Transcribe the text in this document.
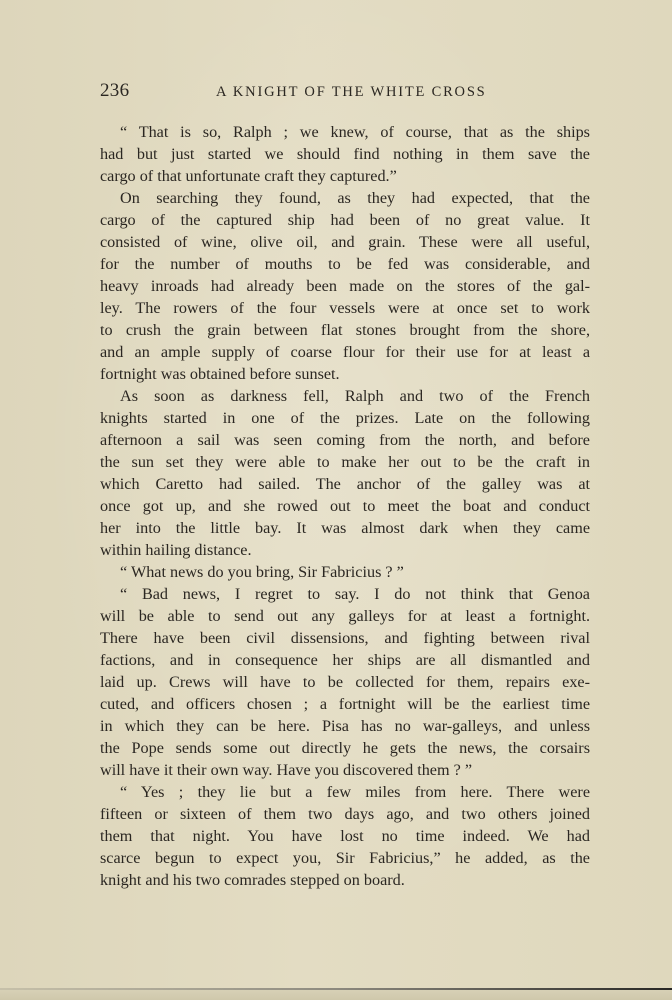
236	A KNIGHT OF THE WHITE CROSS
“ That is so, Ralph ; we knew, of course, that as the ships
had but just started we should find nothing in them save the
cargo of that unfortunate craft they captured.”
On searching they found, as they had expected, that the
cargo of the captured ship had been of no great value. It
consisted of wine, olive oil, and grain. These were all useful,
for the number of mouths to be fed was considerable, and
heavy inroads had already been made on the stores of the gal-
ley. The rowers of the four vessels were at once set to work
to crush the grain between flat stones brought from the shore,
and an ample supply of coarse flour for their use for at least a
fortnight was obtained before sunset.
As soon as darkness fell, Ralph and two of the French
knights started in one of the prizes. Late on the following
afternoon a sail was seen coming from the north, and before
the sun set they were able to make her out to be the craft in
which Caretto had sailed. The anchor of the galley was at
once got up, and she rowed out to meet the boat and conduct
her into the little bay. It was almost dark when they came
within hailing distance.
“ What news do you bring, Sir Fabricius ? ”
“ Bad news, I regret to say. I do not think that Genoa
will be able to send out any galleys for at least a fortnight.
There have been civil dissensions, and fighting between rival
factions, and in consequence her ships are all dismantled and
laid up. Crews will have to be collected for them, repairs exe-
cuted, and officers chosen ; a fortnight will be the earliest time
in which they can be here. Pisa has no war-galleys, and unless
the Pope sends some out directly he gets the news, the corsairs
will have it their own way. Have you discovered them ? ”
“ Yes ; they lie but a few miles from here. There were
fifteen or sixteen of them two days ago, and two others joined
them that night. You have lost no time indeed. We had
scarce begun to expect you, Sir Fabricius,” he added, as the
knight and his two comrades stepped on board.
